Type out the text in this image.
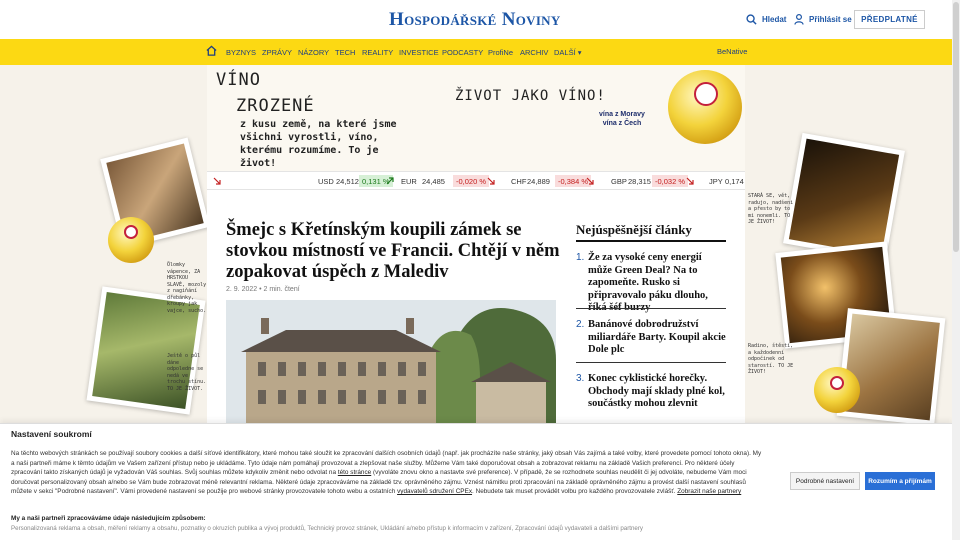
Hospodářské Noviny	Hledat	Přihlásit se	PŘEDPLATNÉ
BYZNYS ZPRÁVY NÁZORY TECH REALITY INVESTICE PODCASTY ProfiNe ARCHIV DALŠÍ ▾	BeNative
Ölomky vápence, ZA HRSTKOU SLAVÉ, mozoly z nagiňání dřebánky, kroupy jak vajce, sucho.
Ještě o půl dáne odpoledne se nedá ve trochu stínu. TO JE ŽIVOT.
STARÁ SE, vět, radujo, nadšeni a přesto by to mi nonemli. TO JE ŽIVOT!
Radino, štěstí, a každodenní odpočinek od starostí. TO JE ŽIVOT!
VÍNO
ZROZENÉ
z kusu země, na které jsme všichni vyrostli, víno, kterému rozumíme. To je život!
ŽIVOT JAKO VÍNO!
vína z Moravy vína z Čech
USD 24,512 0,131 %	EUR 24,485	-0,020 %	CHF 24,889	-0,384 %	GBP 28,315 -0,032 %	JPY 0,174
Šmejc s Křetínským koupili zámek se stovkou místností ve Francii. Chtějí v něm zopakovat úspěch z Malediv
2. 9. 2022 • 2 min. čtení
Nejúspěšnější články
1. Že za vysoké ceny energií může Green Deal? Na to zapomeňte. Rusko si připravovalo páku dlouho,
2. Banánové dobrodružství miliardáře Barty. Koupil akcie Dole plc
3. Konec cyklistické horečky. Obchody mají sklady plné kol, součástky mohou zlevnit
Nastavení soukromí

Na těchto webových stránkách se používají soubory cookies a další síťové identifikátory, které mohou také sloužit ke zpracování dalších osobních údajů (např. jak procházíte naše stránky, jaký obsah Vás zajímá a také volby, které provedete pomocí tohoto okna). My a naši partneři máme k těmto údajům ve Vašem zařízení přístup nebo je ukládáme. Tyto údaje nám pomáhají provozovat a zlepšovat naše služby. Můžeme Vám také doporučovat obsah a zobrazovat reklamu na základě Vašich preferencí. Pro některé účely zpracování takto získaných údajů je vyžadován Váš souhlas. Svůj souhlas můžete kdykoliv změnit nebo odvolat na této stránce (vyvoláte znovu okno a nastavte své preference). V případě, že se rozhodnete souhlas neudělit či jej odvoláte, nebudeme Vám moci doručovat personalizovaný obsah a/nebo se Vám bude zobrazovat méně relevantní reklama. Některé údaje zpracováváme na základě tzv. oprávněného zájmu. Vznést námitku proti zpracování na základě oprávněného zájmu a provést další nastavení souhlasů můžete v sekci "Podrobné nastavení". Vámi provedené nastavení se použije pro webové stránky provozovatele tohoto webu a ostatních vydavatelů sdružení CPEx. Nebudete tak muset provádět volbu pro každého provozovatele zvlášť. Zobrazit naše partnery

My a naši partneři zpracováváme údaje následujícím způsobem:
Personalizovaná reklama a obsah, měření reklamy a obsahu, poznatky o okruzích publika a vývoj produktů, Technický provoz stránek, Ukládání a/nebo přístup k informacím v zařízení, Zpracování údajů vydavateli a dalšími partnery
Podrobné nastavení	Rozumím a přijímám
